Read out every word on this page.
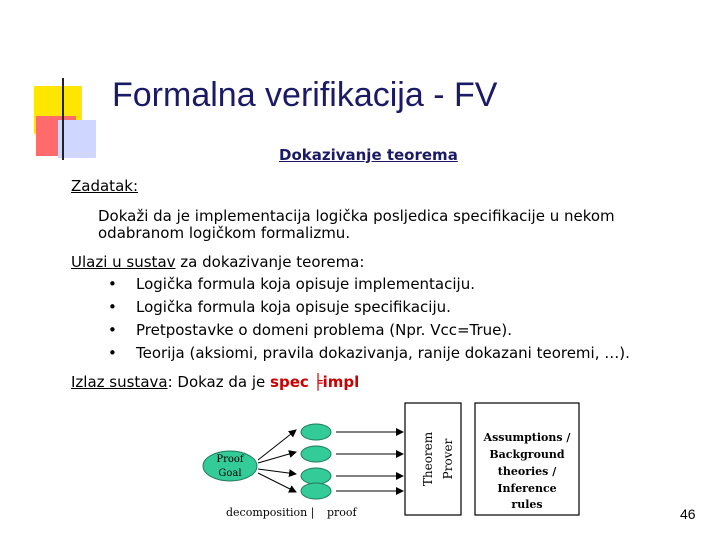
Formalna verifikacija - FV
Dokazivanje teorema
Zadatak:
Dokaži da je implementacija logička posljedica specifikacije u nekom
odabranom logičkom formalizmu.
Ulazi u sustav za dokazivanje teorema:
• Logička formula koja opisuje implementaciju.
• Logička formula koja opisuje specifikaciju.
• Pretpostavke o domeni problema (Npr. Vcc=True).
• Teorija (aksiomi, pravila dokazivanja, ranije dokazani teoremi, …).
Izlaz sustava: Dokaz da je spec ╞impl
Proof
Goal
decomposition | proof
Theorem Prover
Assumptions /
Background
theories /
Inference
rules
46
